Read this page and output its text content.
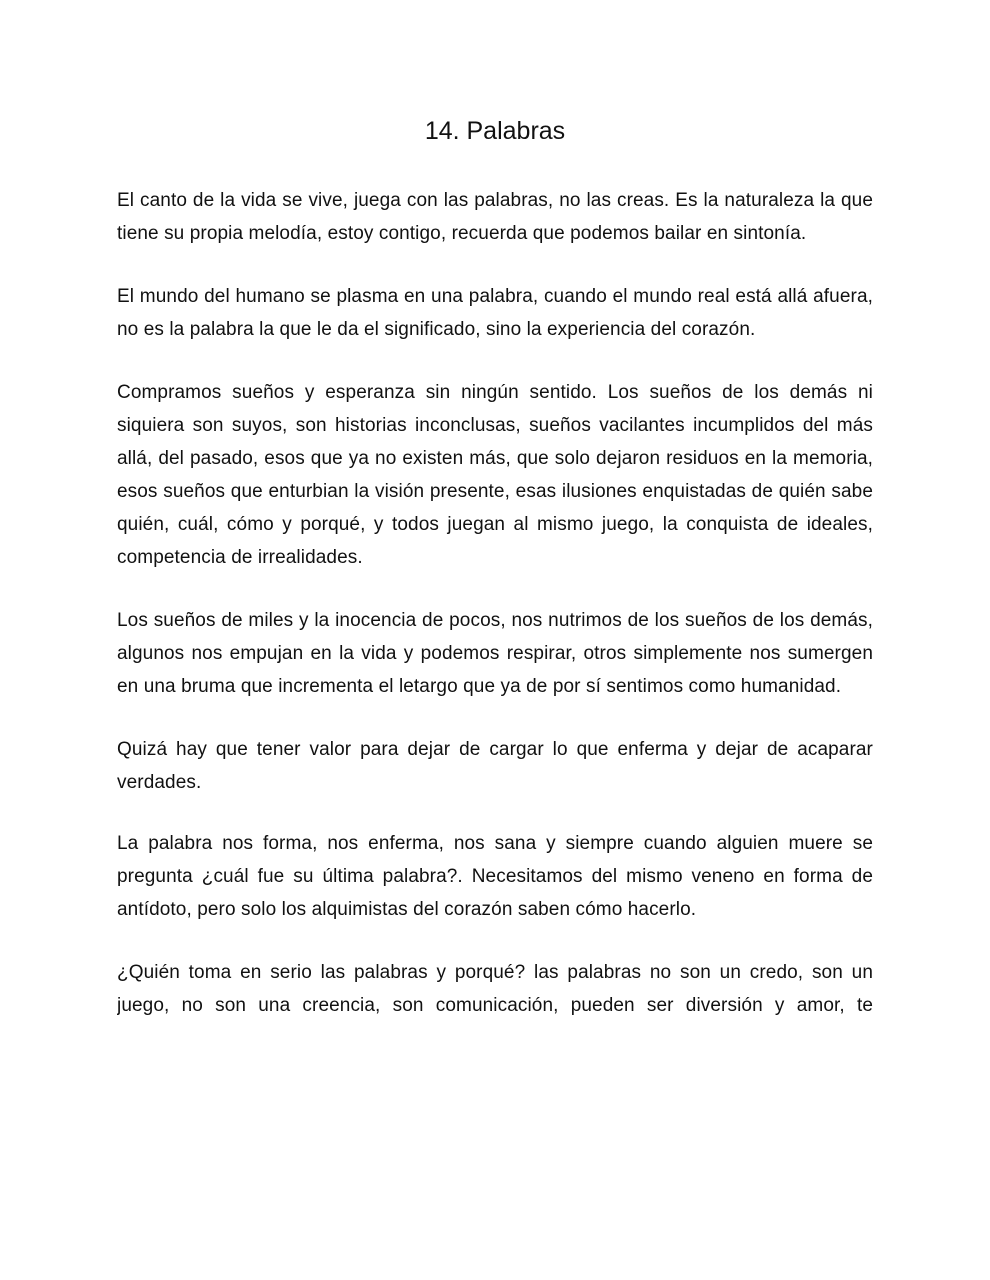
14. Palabras

El canto de la vida se vive, juega con las palabras, no las creas. Es la naturaleza la que tiene su propia melodía, estoy contigo, recuerda que podemos bailar en sintonía.

El mundo del humano se plasma en una palabra, cuando el mundo real está allá afuera, no es la palabra la que le da el significado, sino la experiencia del corazón.

Compramos sueños y esperanza sin ningún sentido. Los sueños de los demás ni siquiera son suyos, son historias inconclusas, sueños vacilantes incumplidos del más allá, del pasado, esos que ya no existen más, que solo dejaron residuos en la memoria, esos sueños que enturbian la visión presente, esas ilusiones enquistadas de quién sabe quién, cuál, cómo y porqué, y todos juegan al mismo juego, la conquista de ideales, competencia de irrealidades.

Los sueños de miles y la inocencia de pocos, nos nutrimos de los sueños de los demás, algunos nos empujan en la vida y podemos respirar, otros simplemente nos sumergen en una bruma que incrementa el letargo que ya de por sí sentimos como humanidad.

Quizá hay que tener valor para dejar de cargar lo que enferma y dejar de acaparar verdades.

La palabra nos forma, nos enferma, nos sana y siempre cuando alguien muere se pregunta ¿cuál fue su última palabra?. Necesitamos del mismo veneno en forma de antídoto, pero solo los alquimistas del corazón saben cómo hacerlo.

¿Quién toma en serio las palabras y porqué? las palabras no son un credo, son un juego, no son una creencia, son comunicación, pueden ser diversión y amor, te
